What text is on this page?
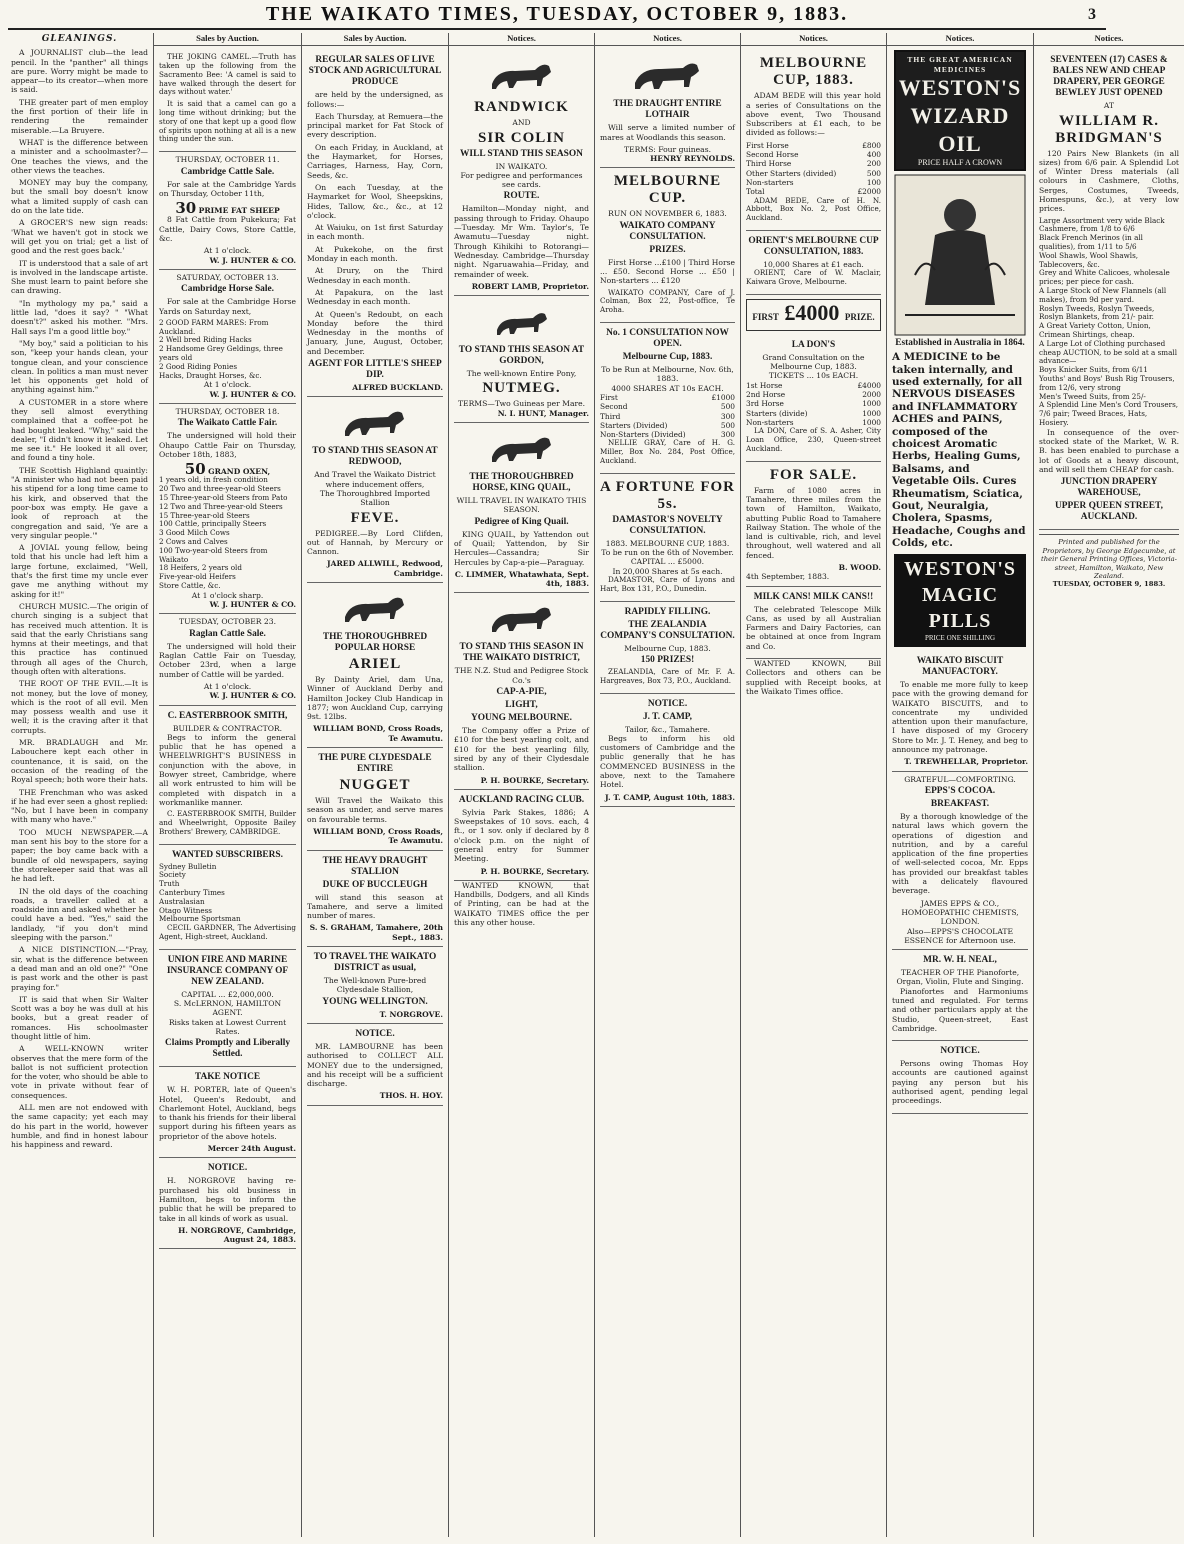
THE WAIKATO TIMES, TUESDAY, OCTOBER 9, 1883.	3
GLEANINGS.
A JOURNALIST club—the lead pencil. In the "panther" all things are pure. Worry might be made to appear—to its creator—when more is said.
THE greater part of men employ the first portion of their life in rendering the remainder miserable.—La Bruyere.
WHAT is the difference between a minister and a schoolmaster?—One teaches the views, and the other views the teaches.
MONEY may buy the company, but the small boy doesn't know what a limited supply of cash can do on the late tide.
A GROCER'S new sign reads: 'What we haven't got in stock we will get you on trial; get a list of good and the rest goes back.'
IT is understood that a sale of art is involved in the landscape artiste. She must learn to paint before she can drawing.
"In mythology my pa," said a little lad, "does it say? " "What doesn't?" asked his mother. "Mrs. Hall says I'm a good little boy."
"My boy," said a politician to his son, "keep your hands clean, your tongue clean, and your conscience clean. In politics a man must never let his opponents get hold of anything against him."
A CUSTOMER in a store where they sell almost everything complained that a coffee-pot he had bought leaked. "Why," said the dealer, "I didn't know it leaked. Let me see it." He looked it all over, and found a tiny hole.
THE Scottish Highland quaintly: "A minister who had not been paid his stipend for a long time came to his kirk, and observed that the poor-box was empty. He gave a look of reproach at the congregation and said, 'Ye are a very singular people.'"
A JOVIAL young fellow, being told that his uncle had left him a large fortune, exclaimed, "Well, that's the first time my uncle ever gave me anything without my asking for it!"
CHURCH MUSIC.—The origin of church singing is a subject that has received much attention. It is said that the early Christians sang hymns at their meetings, and that this practice has continued through all ages of the Church, though often with alterations.
THE ROOT OF THE EVIL.—It is not money, but the love of money, which is the root of all evil. Men may possess wealth and use it well; it is the craving after it that corrupts.
MR. BRADLAUGH and Mr. Labouchere kept each other in countenance, it is said, on the occasion of the reading of the Royal speech; both wore their hats.
THE Frenchman who was asked if he had ever seen a ghost replied: "No, but I have been in company with many who have."
TOO MUCH NEWSPAPER.—A man sent his boy to the store for a paper; the boy came back with a bundle of old newspapers, saying the storekeeper said that was all he had left.
IN the old days of the coaching roads, a traveller called at a roadside inn and asked whether he could have a bed. "Yes," said the landlady, "if you don't mind sleeping with the parson."
A NICE DISTINCTION.—"Pray, sir, what is the difference between a dead man and an old one?" "One is past work and the other is past praying for."
IT is said that when Sir Walter Scott was a boy he was dull at his books, but a great reader of romances. His schoolmaster thought little of him.
A WELL-KNOWN writer observes that the mere form of the ballot is not sufficient protection for the voter, who should be able to vote in private without fear of consequences.
ALL men are not endowed with the same capacity; yet each may do his part in the world, however humble, and find in honest labour his happiness and reward.
Sales by Auction.
THE JOKING CAMEL.—Truth has taken up the following from the Sacramento Bee: 'A camel is said to have walked through the desert for days without water.'
It is said that a camel can go a long time without drinking; but the story of one that kept up a good flow of spirits upon nothing at all is a new thing under the sun.
THURSDAY, OCTOBER 11.
Cambridge Cattle Sale.
For sale at the Cambridge Yards on Thursday, October 11th,
30 PRIME FAT SHEEP
8 Fat Cattle from Pukekura; Fat Cattle, Dairy Cows, Store Cattle, &c.
At 1 o'clock.
W. J. HUNTER & CO.
SATURDAY, OCTOBER 13.
Cambridge Horse Sale.
For sale at the Cambridge Horse Yards on Saturday next,
2 GOOD FARM MARES: From Auckland.
2 Well bred Riding Hacks
2 Handsome Grey Geldings, three years old
2 Good Riding Ponies
Hacks, Draught Horses, &c.
At 1 o'clock.
W. J. HUNTER & CO.
THURSDAY, OCTOBER 18.
The Waikato Cattle Fair.
The undersigned will hold their Ohaupo Cattle Fair on Thursday, October 18th, 1883,
50 GRAND OXEN,
1 years old, in fresh condition
20 Two and three-year-old Steers
15 Three-year-old Steers from Pato
12 Two and Three-year-old Steers
15 Three-year-old Steers
100 Cattle, principally Steers
3 Good Milch Cows
2 Cows and Calves
100 Two-year-old Steers from Waikato
18 Heifers, 2 years old
Five-year-old Heifers
Store Cattle, &c.
At 1 o'clock sharp.
W. J. HUNTER & CO.
TUESDAY, OCTOBER 23.
Raglan Cattle Sale.
The undersigned will hold their Raglan Cattle Fair on Tuesday, October 23rd, when a large number of Cattle will be yarded.
At 1 o'clock.
W. J. HUNTER & CO.
C. EASTERBROOK SMITH,
BUILDER & CONTRACTOR.
Begs to inform the general public that he has opened a WHEELWRIGHT'S BUSINESS in conjunction with the above, in Bowyer street, Cambridge, where all work entrusted to him will be completed with dispatch in a workmanlike manner.
C. EASTERBROOK SMITH, Builder and Wheelwright, Opposite Bailey Brothers' Brewery, CAMBRIDGE.
WANTED SUBSCRIBERS.
Sydney Bulletin
Society
Truth
Canterbury Times
Australasian
Otago Witness
Melbourne Sportsman
CECIL GARDNER, The Advertising Agent, High-street, Auckland.
UNION FIRE AND MARINE INSURANCE COMPANY OF NEW ZEALAND.
CAPITAL ... £2,000,000.
S. McLERNON, HAMILTON AGENT.
Risks taken at Lowest Current Rates.
Claims Promptly and Liberally Settled.
TAKE NOTICE
W. H. PORTER, late of Queen's Hotel, Queen's Redoubt, and Charlemont Hotel, Auckland, begs to thank his friends for their liberal support during his fifteen years as proprietor of the above hotels.
Mercer 24th August.
NOTICE.
H. NORGROVE having re-purchased his old business in Hamilton, begs to inform the public that he will be prepared to take in all kinds of work as usual.
H. NORGROVE, Cambridge, August 24, 1883.
Sales by Auction.
REGULAR SALES OF LIVE STOCK AND AGRICULTURAL PRODUCE
are held by the undersigned, as follows:—
Each Thursday, at Remuera—the principal market for Fat Stock of every description.
On each Friday, in Auckland, at the Haymarket, for Horses, Carriages, Harness, Hay, Corn, Seeds, &c.
On each Tuesday, at the Haymarket for Wool, Sheepskins, Hides, Tallow, &c., &c., at 12 o'clock.
At Waiuku, on 1st first Saturday in each month.
At Pukekohe, on the first Monday in each month.
At Drury, on the Third Wednesday in each month.
At Papakura, on the last Wednesday in each month.
At Queen's Redoubt, on each Monday before the third Wednesday in the months of January, June, August, October, and December.
AGENT FOR LITTLE'S SHEEP DIP.
ALFRED BUCKLAND.
TO STAND THIS SEASON AT REDWOOD,
And Travel the Waikato District where inducement offers,
The Thoroughbred Imported Stallion
FEVE.
PEDIGREE.—By Lord Clifden, out of Hannah, by Mercury or Cannon.
JARED ALLWILL, Redwood, Cambridge.
THE THOROUGHBRED POPULAR HORSE
ARIEL
By Dainty Ariel, dam Una, Winner of Auckland Derby and Hamilton Jockey Club Handicap in 1877; won Auckland Cup, carrying 9st. 12lbs.
WILLIAM BOND, Cross Roads, Te Awamutu.
THE PURE CLYDESDALE ENTIRE
NUGGET
Will Travel the Waikato this season as under, and serve mares on favourable terms.
WILLIAM BOND, Cross Roads, Te Awamutu.
THE HEAVY DRAUGHT STALLION
DUKE OF BUCCLEUGH
will stand this season at Tamahere, and serve a limited number of mares.
S. S. GRAHAM, Tamahere, 20th Sept., 1883.
TO TRAVEL THE WAIKATO DISTRICT as usual,
The Well-known Pure-bred Clydesdale Stallion,
YOUNG WELLINGTON.
T. NORGROVE.
NOTICE.
MR. LAMBOURNE has been authorised to COLLECT ALL MONEY due to the undersigned, and his receipt will be a sufficient discharge.
THOS. H. HOY.
Notices.
RANDWICK
AND
SIR COLIN
WILL STAND THIS SEASON
IN WAIKATO.
For pedigree and performances see cards.
ROUTE.
Hamilton—Monday night, and passing through to Friday. Ohaupo—Tuesday. Mr Wm. Taylor's, Te Awamutu—Tuesday night. Through Kihikihi to Rotorangi—Wednesday. Cambridge—Thursday night. Ngaruawahia—Friday, and remainder of week.
ROBERT LAMB, Proprietor.
TO STAND THIS SEASON AT GORDON,
The well-known Entire Pony,
NUTMEG.
TERMS—Two Guineas per Mare.
N. I. HUNT, Manager.
THE THOROUGHBRED HORSE, KING QUAIL,
WILL TRAVEL IN WAIKATO THIS SEASON.
Pedigree of King Quail.
KING QUAIL, by Yattendon out of Quail; Yattendon, by Sir Hercules—Cassandra; Sir Hercules by Cap-a-pie—Paraguay.
C. LIMMER, Whatawhata, Sept. 4th, 1883.
TO STAND THIS SEASON IN THE WAIKATO DISTRICT,
THE N.Z. Stud and Pedigree Stock Co.'s
CAP-A-PIE,
LIGHT,
YOUNG MELBOURNE.
The Company offer a Prize of £10 for the best yearling colt, and £10 for the best yearling filly, sired by any of their Clydesdale stallion.
P. H. BOURKE, Secretary.
AUCKLAND RACING CLUB.
Sylvia Park Stakes, 1886; A Sweepstakes of 10 sovs. each, 4 ft., or 1 sov. only if declared by 8 o'clock p.m. on the night of general entry for Summer Meeting.
P. H. BOURKE, Secretary.
WANTED KNOWN, that Handbills, Dodgers, and all Kinds of Printing, can be had at the WAIKATO TIMES office the per this any other house.
Notices.
THE DRAUGHT ENTIRE LOTHAIR
Will serve a limited number of mares at Woodlands this season.
TERMS: Four guineas.
HENRY REYNOLDS.
MELBOURNE CUP.
RUN ON NOVEMBER 6, 1883.
WAIKATO COMPANY CONSULTATION.
PRIZES.
First Horse ...£100 | Third Horse ... £50. Second Horse ... £50 | Non-starters ... £120
WAIKATO COMPANY, Care of J. Colman, Box 22, Post-office, Te Aroha.
No. 1 CONSULTATION NOW OPEN.
Melbourne Cup, 1883.
To be Run at Melbourne, Nov. 6th, 1883.
4000 SHARES AT 10s EACH.
First	£1000
Second	500
Third	300
Starters (Divided)	500
Non-Starters (Divided)	300
NELLIE GRAY, Care of H. G. Miller, Box No. 284, Post Office, Auckland.
A FORTUNE FOR 5s.
DAMASTOR'S NOVELTY CONSULTATION.
1883. MELBOURNE CUP, 1883.
To be run on the 6th of November.
CAPITAL ... £5000.
In 20,000 Shares at 5s each.
DAMASTOR, Care of Lyons and Hart, Box 131, P.O., Dunedin.
RAPIDLY FILLING.
THE ZEALANDIA COMPANY'S CONSULTATION.
Melbourne Cup, 1883.
150 PRIZES!
ZEALANDIA, Care of Mr. F. A. Hargreaves, Box 73, P.O., Auckland.
NOTICE.
J. T. CAMP,
Tailor, &c., Tamahere.
Begs to inform his old customers of Cambridge and the public generally that he has COMMENCED BUSINESS in the above, next to the Tamahere Hotel.
J. T. CAMP, August 10th, 1883.
Notices.
MELBOURNE CUP, 1883.
ADAM BEDE will this year hold a series of Consultations on the above event, Two Thousand Subscribers at £1 each, to be divided as follows:—
First Horse	£800
Second Horse	400
Third Horse	200
Other Starters (divided)	500
Non-starters	100
Total	£2000
ADAM BEDE, Care of H. N. Abbott, Box No. 2, Post Office, Auckland.
ORIENT'S MELBOURNE CUP CONSULTATION, 1883.
10,000 Shares at £1 each.
ORIENT, Care of W. Maclair, Kaiwara Grove, Melbourne.
FIRST £4000 PRIZE.
LA DON'S
Grand Consultation on the Melbourne Cup, 1883.
TICKETS ... 10s EACH.
1st Horse	£4000
2nd Horse	2000
3rd Horse	1000
Starters (divide)	1000
Non-starters	1000
LA DON, Care of S. A. Asher, City Loan Office, 230, Queen-street Auckland.
FOR SALE.
Farm of 1080 acres in Tamahere, three miles from the town of Hamilton, Waikato, abutting Public Road to Tamahere Railway Station. The whole of the land is cultivable, rich, and level throughout, well watered and all fenced.
B. WOOD.
4th September, 1883.
MILK CANS! MILK CANS!!
The celebrated Telescope Milk Cans, as used by all Australian Farmers and Dairy Factories, can be obtained at once from Ingram and Co.
WANTED KNOWN, Bill Collectors and others can be supplied with Receipt books, at the Waikato Times office.
Notices.
THE GREAT AMERICAN MEDICINES
WESTON'S WIZARD OIL
PRICE HALF A CROWN
Established in Australia in 1864.
A MEDICINE to be taken internally, and used externally, for all NERVOUS DISEASES and INFLAMMATORY ACHES and PAINS, composed of the choicest Aromatic Herbs, Healing Gums, Balsams, and Vegetable Oils. Cures Rheumatism, Sciatica, Gout, Neuralgia, Cholera, Spasms, Headache, Coughs and Colds, etc.
WESTON'S MAGIC PILLS
PRICE ONE SHILLING
WAIKATO BISCUIT MANUFACTORY.
To enable me more fully to keep pace with the growing demand for WAIKATO BISCUITS, and to concentrate my undivided attention upon their manufacture, I have disposed of my Grocery Store to Mr. J. T. Heney, and beg to announce my patronage.
T. TREWHELLAR, Proprietor.
GRATEFUL—COMFORTING.
EPPS'S COCOA.
BREAKFAST.
By a thorough knowledge of the natural laws which govern the operations of digestion and nutrition, and by a careful application of the fine properties of well-selected cocoa, Mr. Epps has provided our breakfast tables with a delicately flavoured beverage.
JAMES EPPS & CO., HOMOEOPATHIC CHEMISTS, LONDON.
Also—EPPS'S CHOCOLATE ESSENCE for Afternoon use.
MR. W. H. NEAL,
TEACHER OF THE Pianoforte, Organ, Violin, Flute and Singing.
Pianofortes and Harmoniums tuned and regulated. For terms and other particulars apply at the Studio, Queen-street, East Cambridge.
NOTICE.
Persons owing Thomas Hoy accounts are cautioned against paying any person but his authorised agent, pending legal proceedings.
Notices.
SEVENTEEN (17) CASES & BALES NEW AND CHEAP DRAPERY, PER GEORGE BEWLEY JUST OPENED
AT
WILLIAM R. BRIDGMAN'S
120 Pairs New Blankets (in all sizes) from 6/6 pair. A Splendid Lot of Winter Dress materials (all colours in Cashmere, Cloths, Serges, Costumes, Tweeds, Homespuns, &c.), at very low prices.
Large Assortment very wide Black Cashmere, from 1/8 to 6/6
Black French Merinos (in all qualities), from 1/11 to 5/6
Wool Shawls, Wool Shawls, Tablecovers, &c.
Grey and White Calicoes, wholesale prices; per piece for cash.
A Large Stock of New Flannels (all makes), from 9d per yard.
Roslyn Tweeds, Roslyn Tweeds, Roslyn Blankets, from 21/- pair.
A Great Variety Cotton, Union, Crimean Shirtings, cheap.
A Large Lot of Clothing purchased cheap AUCTION, to be sold at a small advance—
Boys Knicker Suits, from 6/11
Youths' and Boys' Bush Rig Trousers, from 12/6, very strong
Men's Tweed Suits, from 25/-
A Splendid Line Men's Cord Trousers, 7/6 pair; Tweed Braces, Hats, Hosiery.
In consequence of the over-stocked state of the Market, W. R. B. has been enabled to purchase a lot of Goods at a heavy discount, and will sell them CHEAP for cash.
JUNCTION DRAPERY WAREHOUSE,
UPPER QUEEN STREET, AUCKLAND.
Printed and published for the Proprietors, by George Edgecumbe, at their General Printing Offices, Victoria-street, Hamilton, Waikato, New Zealand.
TUESDAY, OCTOBER 9, 1883.
